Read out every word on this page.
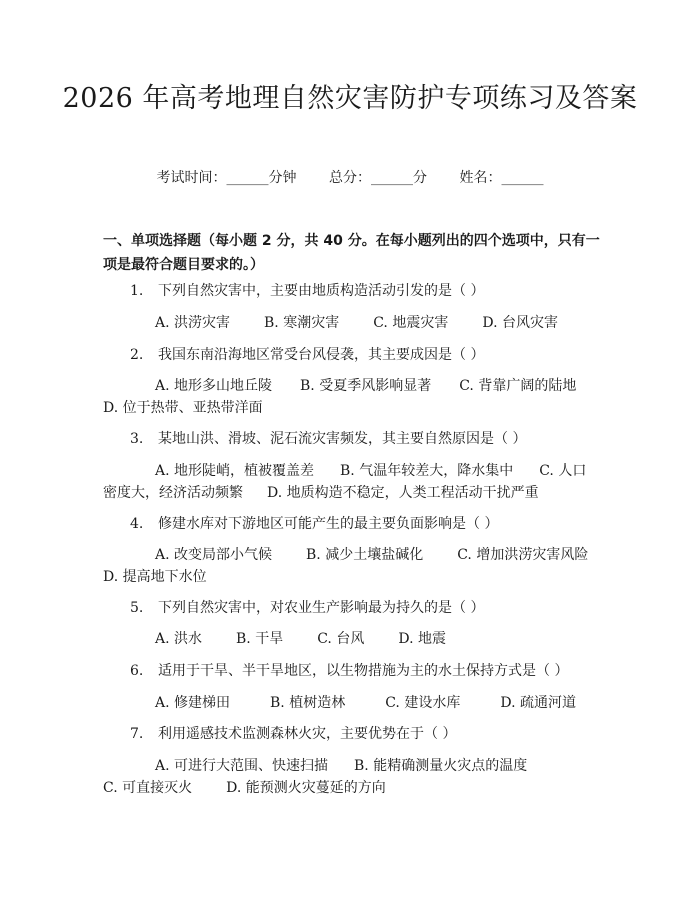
2026 年高考地理自然灾害防护专项练习及答案
考试时间：______分钟 总分：______分 姓名：______
一、单项选择题（每小题 2 分，共 40 分。在每小题列出的四个选项中，只有一项是最符合题目要求的。）
1. 下列自然灾害中，主要由地质构造活动引发的是（ ）
A. 洪涝灾害 B. 寒潮灾害 C. 地震灾害 D. 台风灾害
2. 我国东南沿海地区常受台风侵袭，其主要成因是（ ）
A. 地形多山地丘陵 B. 受夏季风影响显著 C. 背靠广阔的陆地
D. 位于热带、亚热带洋面
3. 某地山洪、滑坡、泥石流灾害频发，其主要自然原因是（ ）
A. 地形陡峭，植被覆盖差 B. 气温年较差大，降水集中 C. 人口密度大，经济活动频繁 D. 地质构造不稳定，人类工程活动干扰严重
4. 修建水库对下游地区可能产生的最主要负面影响是（ ）
A. 改变局部小气候 B. 减少土壤盐碱化 C. 增加洪涝灾害风险
D. 提高地下水位
5. 下列自然灾害中，对农业生产影响最为持久的是（ ）
A. 洪水 B. 干旱 C. 台风 D. 地震
6. 适用于干旱、半干旱地区，以生物措施为主的水土保持方式是（ ）
A. 修建梯田	B. 植树造林	C. 建设水库	D. 疏通河道
7. 利用遥感技术监测森林火灾，主要优势在于（ ）
A. 可进行大范围、快速扫描 B. 能精确测量火灾点的温度C. 可直接灭火 D. 能预测火灾蔓延的方向
